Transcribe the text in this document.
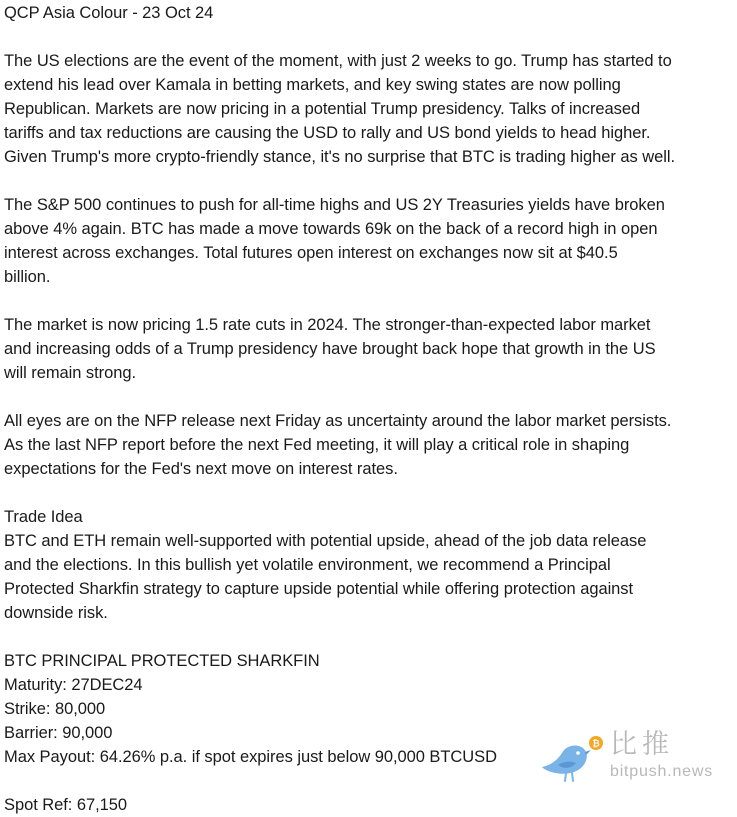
QCP Asia Colour - 23 Oct 24
The US elections are the event of the moment, with just 2 weeks to go. Trump has started to
extend his lead over Kamala in betting markets, and key swing states are now polling
Republican. Markets are now pricing in a potential Trump presidency. Talks of increased
tariffs and tax reductions are causing the USD to rally and US bond yields to head higher.
Given Trump's more crypto-friendly stance, it's no surprise that BTC is trading higher as well.
The S&P 500 continues to push for all-time highs and US 2Y Treasuries yields have broken
above 4% again. BTC has made a move towards 69k on the back of a record high in open
interest across exchanges. Total futures open interest on exchanges now sit at $40.5
billion.
The market is now pricing 1.5 rate cuts in 2024. The stronger-than-expected labor market
and increasing odds of a Trump presidency have brought back hope that growth in the US
will remain strong.
All eyes are on the NFP release next Friday as uncertainty around the labor market persists.
As the last NFP report before the next Fed meeting, it will play a critical role in shaping
expectations for the Fed's next move on interest rates.
Trade Idea
BTC and ETH remain well-supported with potential upside, ahead of the job data release
and the elections. In this bullish yet volatile environment, we recommend a Principal
Protected Sharkfin strategy to capture upside potential while offering protection against
downside risk.
BTC PRINCIPAL PROTECTED SHARKFIN
Maturity: 27DEC24
Strike: 80,000
Barrier: 90,000
Max Payout: 64.26% p.a. if spot expires just below 90,000 BTCUSD
Spot Ref: 67,150
₿ 比推
bitpush.news
